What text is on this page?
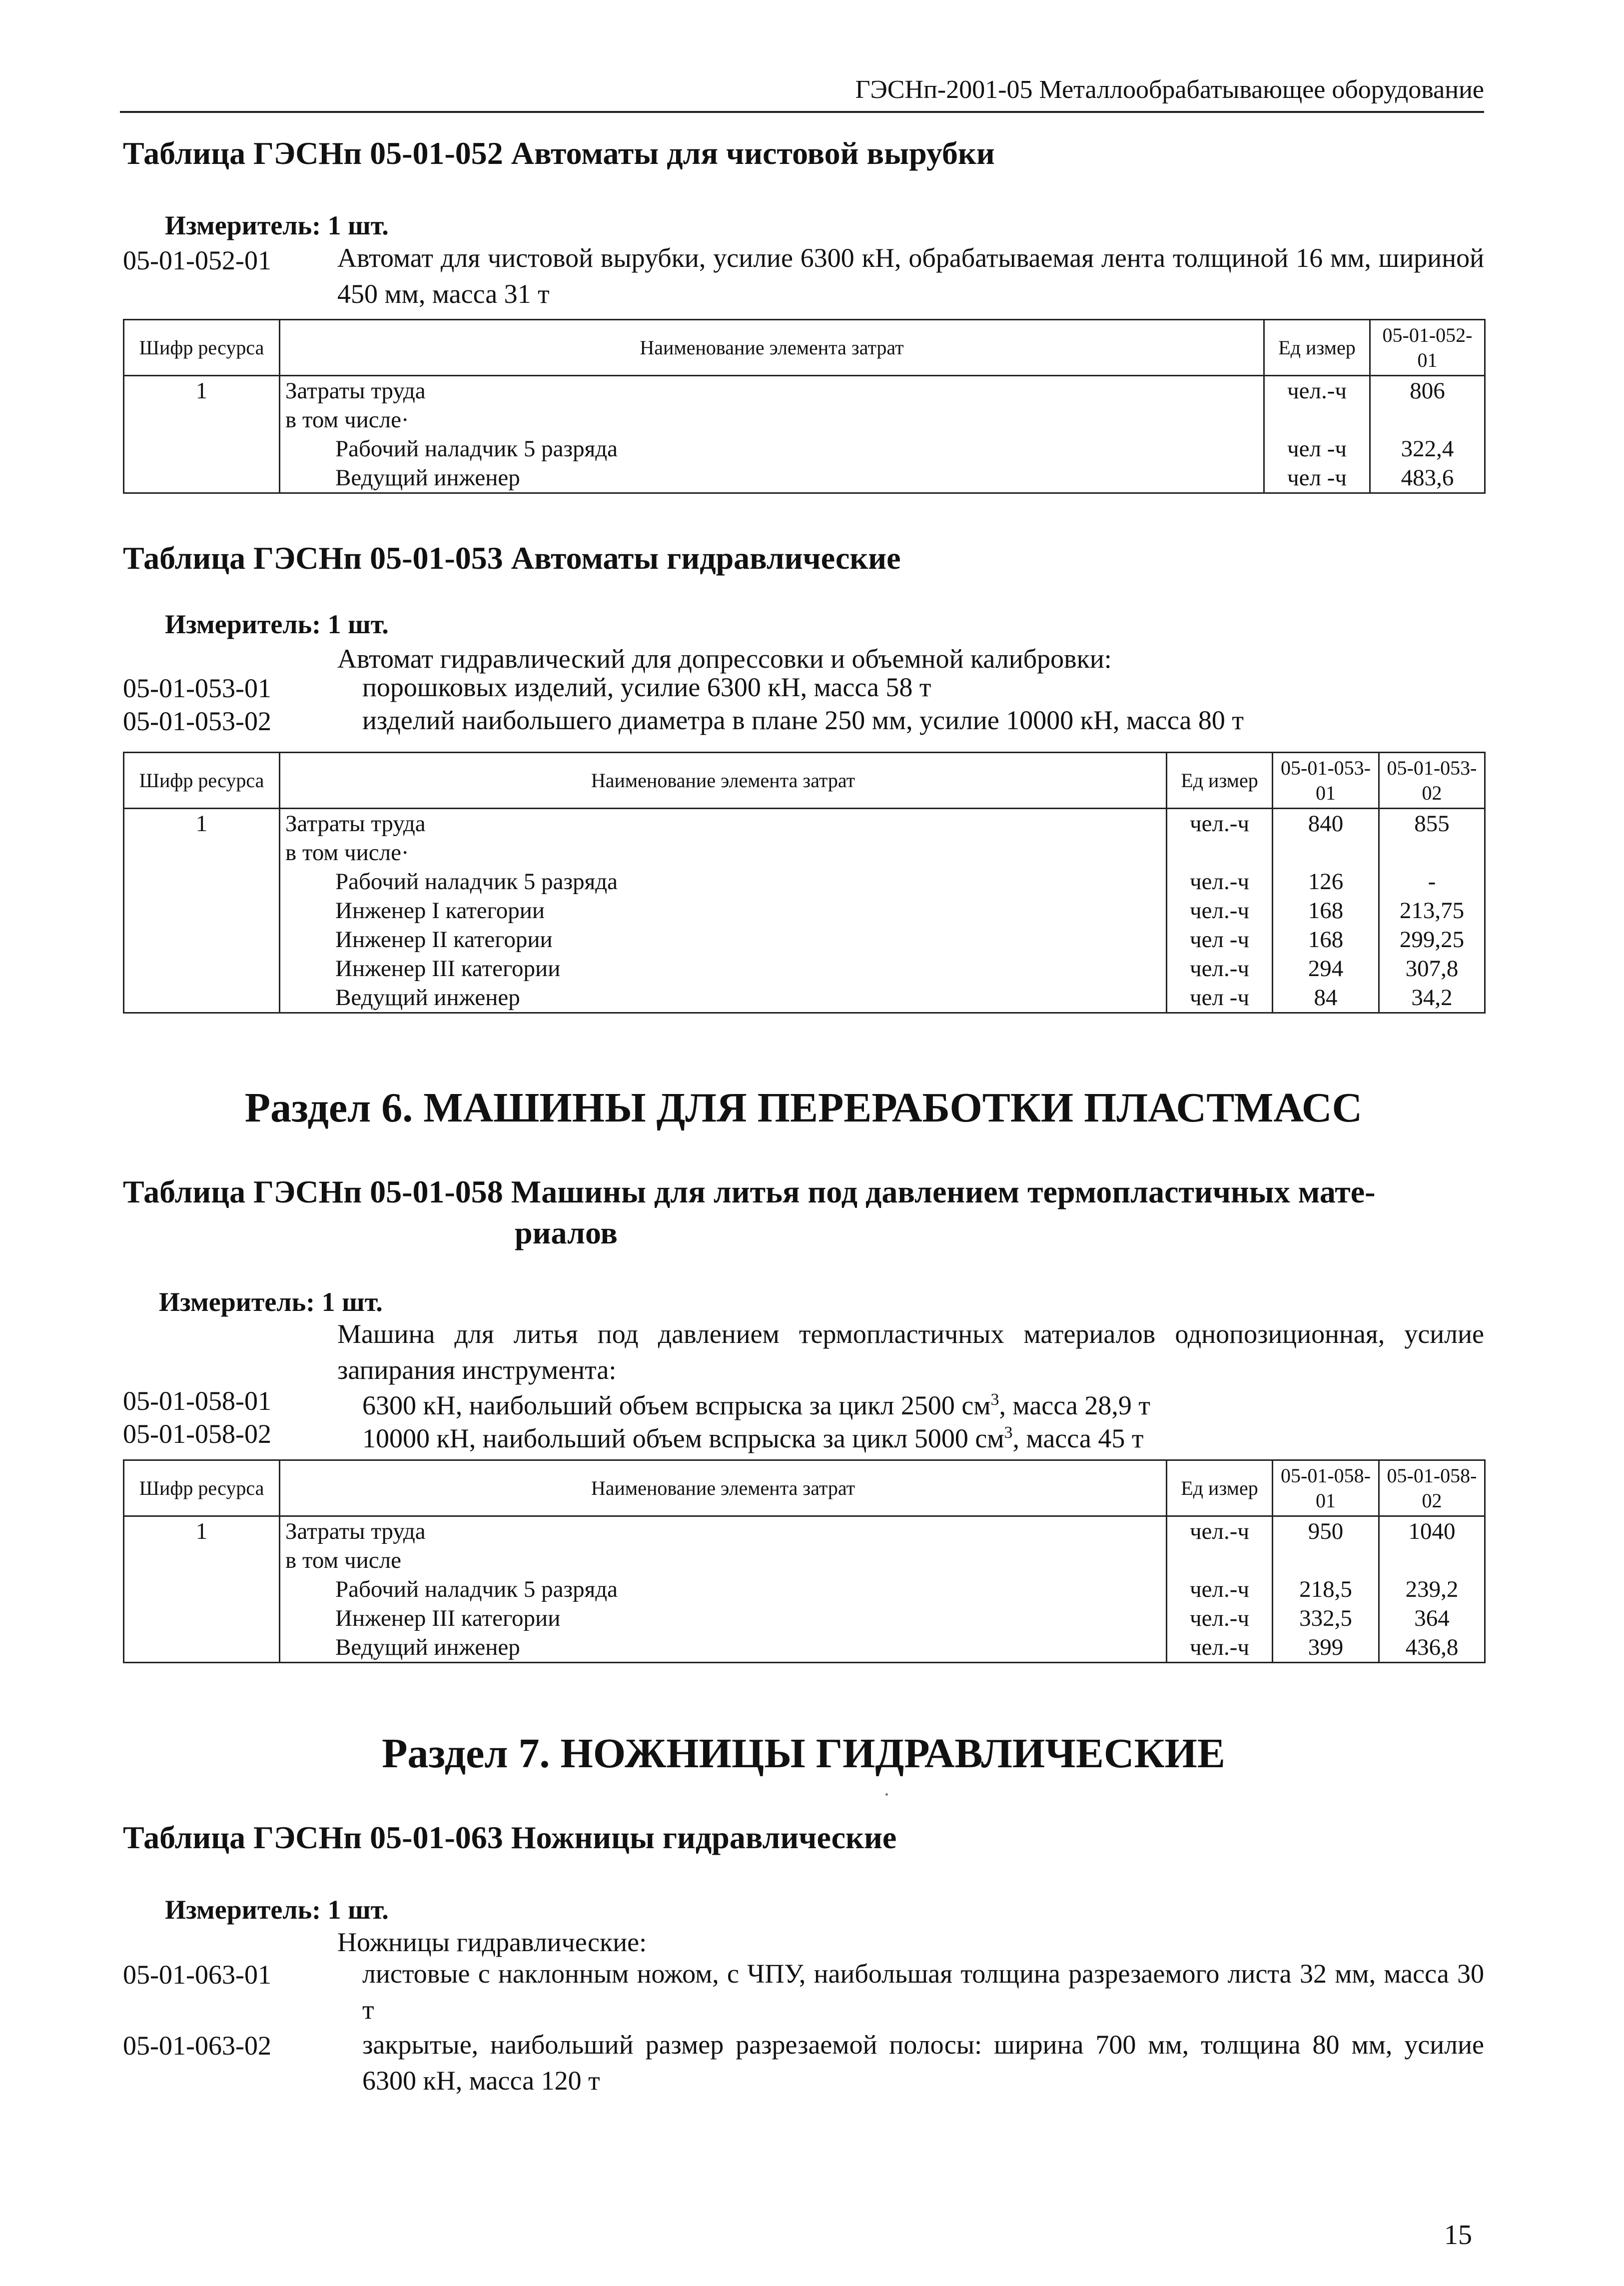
ГЭСНп-2001-05 Металлообрабатывающее оборудование
Таблица ГЭСНп 05-01-052 Автоматы для чистовой вырубки
Измеритель: 1 шт.
05-01-052-01 Автомат для чистовой вырубки, усилие 6300 кН, обрабатываемая лента толщиной 16 мм, шириной 450 мм, масса 31 т
Шифр ресурса	Наименование элемента затрат	Ед измер	05-01-052-01
1	Затраты труда	чел.-ч	806
	в том числе·		
	Рабочий наладчик 5 разряда	чел -ч	322,4
	Ведущий инженер	чел -ч	483,6
Таблица ГЭСНп 05-01-053 Автоматы гидравлические
Измеритель: 1 шт.
Автомат гидравлический для допрессовки и объемной калибровки:
05-01-053-01	порошковых изделий, усилие 6300 кН, масса 58 т
05-01-053-02	изделий наибольшего диаметра в плане 250 мм, усилие 10000 кН, масса 80 т
Шифр ресурса	Наименование элемента затрат	Ед измер	05-01-053-01	05-01-053-02
1	Затраты труда	чел.-ч	840	855
	в том числе·			
	Рабочий наладчик 5 разряда	чел.-ч	126	-
	Инженер I категории	чел.-ч	168	213,75
	Инженер II категории	чел -ч	168	299,25
	Инженер III категории	чел.-ч	294	307,8
	Ведущий инженер	чел -ч	84	34,2
Раздел 6. МАШИНЫ ДЛЯ ПЕРЕРАБОТКИ ПЛАСТМАСС
Таблица ГЭСНп 05-01-058 Машины для литья под давлением термопластичных мате-
риалов
Измеритель: 1 шт.
Машина для литья под давлением термопластичных материалов однопозиционная, усилие запирания инструмента:
05-01-058-01	6300 кН, наибольший объем вспрыска за цикл 2500 $см^3$, масса 28,9 т
05-01-058-02	10000 кН, наибольший объем вспрыска за цикл 5000 $см^3$, масса 45 т
Шифр ресурса	Наименование элемента затрат	Ед измер	05-01-058-01	05-01-058-02
1	Затраты труда	чел.-ч	950	1040
	в том числе			
	Рабочий наладчик 5 разряда	чел.-ч	218,5	239,2
	Инженер III категории	чел.-ч	332,5	364
	Ведущий инженер	чел.-ч	399	436,8
Раздел 7. НОЖНИЦЫ ГИДРАВЛИЧЕСКИЕ
Таблица ГЭСНп 05-01-063 Ножницы гидравлические
Измеритель: 1 шт.
Ножницы гидравлические:
05-01-063-01	листовые с наклонным ножом, с ЧПУ, наибольшая толщина разрезаемого листа 32 мм, масса 30 т
05-01-063-02	закрытые, наибольший размер разрезаемой полосы: ширина 700 мм, толщина 80 мм, усилие 6300 кН, масса 120 т
15
